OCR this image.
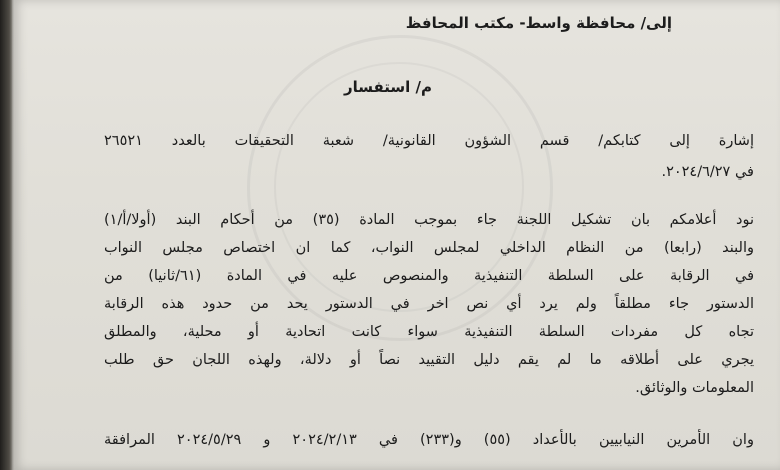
إلى/ محافظة واسط- مكتب المحافظ
م/ استفسار
إشارة إلى كتابكم/ قسم الشؤون القانونية/ شعبة التحقيقات بالعدد ٢٦٥٢١
في ٢٠٢٤/٦/٢٧.
نود أعلامكم بان تشكيل اللجنة جاء بموجب المادة (٣٥) من أحكام البند (أولا/أ/١)
والبند (رابعا) من النظام الداخلي لمجلس النواب، كما ان اختصاص مجلس النواب
في الرقابة على السلطة التنفيذية والمنصوص عليه في المادة (٦١/ثانيا) من
الدستور جاء مطلقاً ولم يرد أي نص اخر في الدستور يحد من حدود هذه الرقابة
تجاه كل مفردات السلطة التنفيذية سواء كانت اتحادية أو محلية، والمطلق
يجري على أطلاقه ما لم يقم دليل التقييد نصاً أو دلالة، ولهذه اللجان حق طلب
المعلومات والوثائق.
وان الأمرين النيابيين بالأعداد (٥٥) و(٢٣٣) في ٢٠٢٤/٢/١٣ و ٢٠٢٤/٥/٢٩ المرافقة
